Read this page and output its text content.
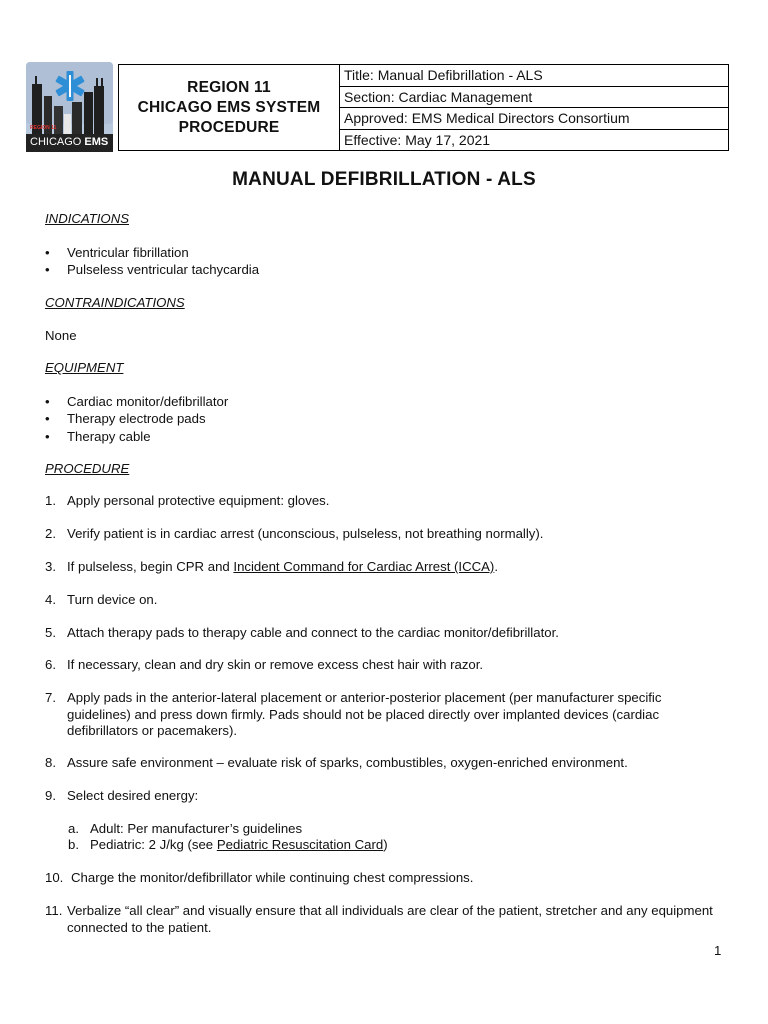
REGION 11
CHICAGO EMS
REGION 11
CHICAGO EMS SYSTEM
PROCEDURE
	Title: Manual Defibrillation - ALS
Section: Cardiac Management
Approved: EMS Medical Directors Consortium
Effective: May 17, 2021
MANUAL DEFIBRILLATION - ALS
INDICATIONS
• Ventricular fibrillation
• Pulseless ventricular tachycardia
CONTRAINDICATIONS
None
EQUIPMENT
• Cardiac monitor/defibrillator
• Therapy electrode pads
• Therapy cable
PROCEDURE
1. Apply personal protective equipment: gloves.
2. Verify patient is in cardiac arrest (unconscious, pulseless, not breathing normally).
3. If pulseless, begin CPR and Incident Command for Cardiac Arrest (ICCA).
4. Turn device on.
5. Attach therapy pads to therapy cable and connect to the cardiac monitor/defibrillator.
6. If necessary, clean and dry skin or remove excess chest hair with razor.
7. Apply pads in the anterior-lateral placement or anterior-posterior placement (per manufacturer specific guidelines) and press down firmly. Pads should not be placed directly over implanted devices (cardiac defibrillators or pacemakers).
8. Assure safe environment – evaluate risk of sparks, combustibles, oxygen-enriched environment.
9. Select desired energy:
a. Adult: Per manufacturer’s guidelines
b. Pediatric: 2 J/kg (see Pediatric Resuscitation Card)
10. Charge the monitor/defibrillator while continuing chest compressions.
11. Verbalize “all clear” and visually ensure that all individuals are clear of the patient, stretcher and any equipment connected to the patient.
1
